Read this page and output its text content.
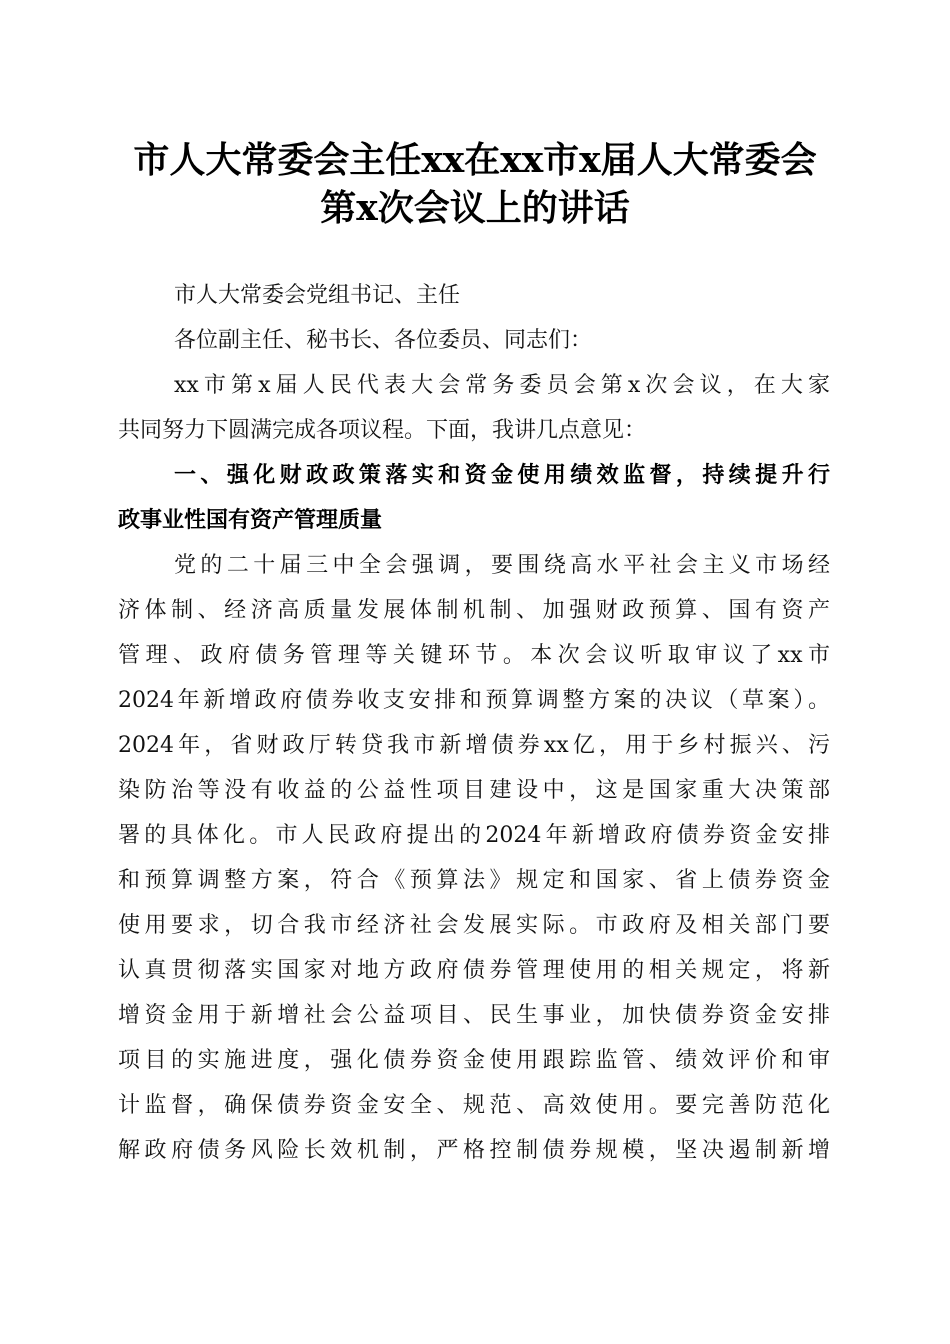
市人大常委会主任xx在xx市x届人大常委会
第x次会议上的讲话
市人大常委会党组书记、主任
各位副主任、秘书长、各位委员、同志们：
xx市第x届人民代表大会常务委员会第x次会议，在大家
共同努力下圆满完成各项议程。下面，我讲几点意见：
一、强化财政政策落实和资金使用绩效监督，持续提升行
政事业性国有资产管理质量
党的二十届三中全会强调，要围绕高水平社会主义市场经
济体制、经济高质量发展体制机制、加强财政预算、国有资产
管理、政府债务管理等关键环节。本次会议听取审议了xx市
2024年新增政府债券收支安排和预算调整方案的决议（草案）。
2024年，省财政厅转贷我市新增债券xx亿，用于乡村振兴、污
染防治等没有收益的公益性项目建设中，这是国家重大决策部
署的具体化。市人民政府提出的2024年新增政府债券资金安排
和预算调整方案，符合《预算法》规定和国家、省上债券资金
使用要求，切合我市经济社会发展实际。市政府及相关部门要
认真贯彻落实国家对地方政府债券管理使用的相关规定，将新
增资金用于新增社会公益项目、民生事业，加快债券资金安排
项目的实施进度，强化债券资金使用跟踪监管、绩效评价和审
计监督，确保债券资金安全、规范、高效使用。要完善防范化
解政府债务风险长效机制，严格控制债券规模，坚决遏制新增
